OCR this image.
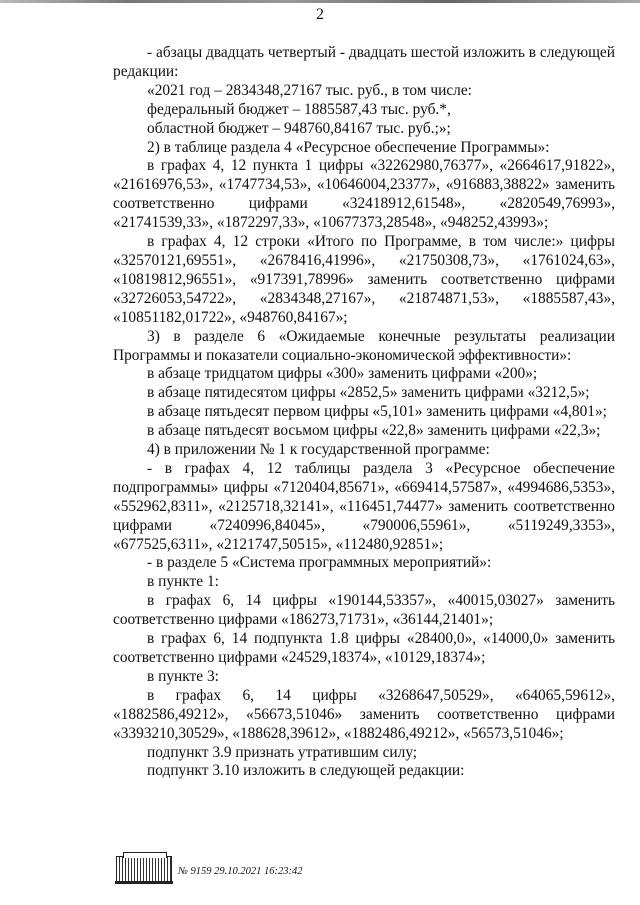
2

- абзацы двадцать четвертый - двадцать шестой изложить в следующей редакции:

«2021 год – 2834348,27167 тыс. руб., в том числе:

федеральный бюджет – 1885587,43 тыс. руб.*,

областной бюджет – 948760,84167 тыс. руб.;»;

2) в таблице раздела 4 «Ресурсное обеспечение Программы»:

в графах 4, 12 пункта 1 цифры «32262980,76377», «2664617,91822», «21616976,53», «1747734,53», «10646004,23377», «916883,38822» заменить соответственно цифрами «32418912,61548», «2820549,76993», «21741539,33», «1872297,33», «10677373,28548», «948252,43993»;

в графах 4, 12 строки «Итого по Программе, в том числе:» цифры «32570121,69551», «2678416,41996», «21750308,73», «1761024,63», «10819812,96551», «917391,78996» заменить соответственно цифрами «32726053,54722», «2834348,27167», «21874871,53», «1885587,43», «10851182,01722», «948760,84167»;

3) в разделе 6 «Ожидаемые конечные результаты реализации Программы и показатели социально-экономической эффективности»:

в абзаце тридцатом цифры «300» заменить цифрами «200»;

в абзаце пятидесятом цифры «2852,5» заменить цифрами «3212,5»;

в абзаце пятьдесят первом цифры «5,101» заменить цифрами «4,801»;

в абзаце пятьдесят восьмом цифры «22,8» заменить цифрами «22,3»;

4) в приложении № 1 к государственной программе:

- в графах 4, 12 таблицы раздела 3 «Ресурсное обеспечение подпрограммы» цифры «7120404,85671», «669414,57587», «4994686,5353», «552962,8311», «2125718,32141», «116451,74477» заменить соответственно цифрами «7240996,84045», «790006,55961», «5119249,3353», «677525,6311», «2121747,50515», «112480,92851»;

- в разделе 5 «Система программных мероприятий»:

в пункте 1:

в графах 6, 14 цифры «190144,53357», «40015,03027» заменить соответственно цифрами «186273,71731», «36144,21401»;

в графах 6, 14 подпункта 1.8 цифры «28400,0», «14000,0» заменить соответственно цифрами «24529,18374», «10129,18374»;

в пункте 3:

в графах 6, 14 цифры «3268647,50529», «64065,59612», «1882586,49212», «56673,51046» заменить соответственно цифрами «3393210,30529», «188628,39612», «1882486,49212», «56573,51046»;

подпункт 3.9 признать утратившим силу;

подпункт 3.10 изложить в следующей редакции:

№ 9159 29.10.2021 16:23:42
